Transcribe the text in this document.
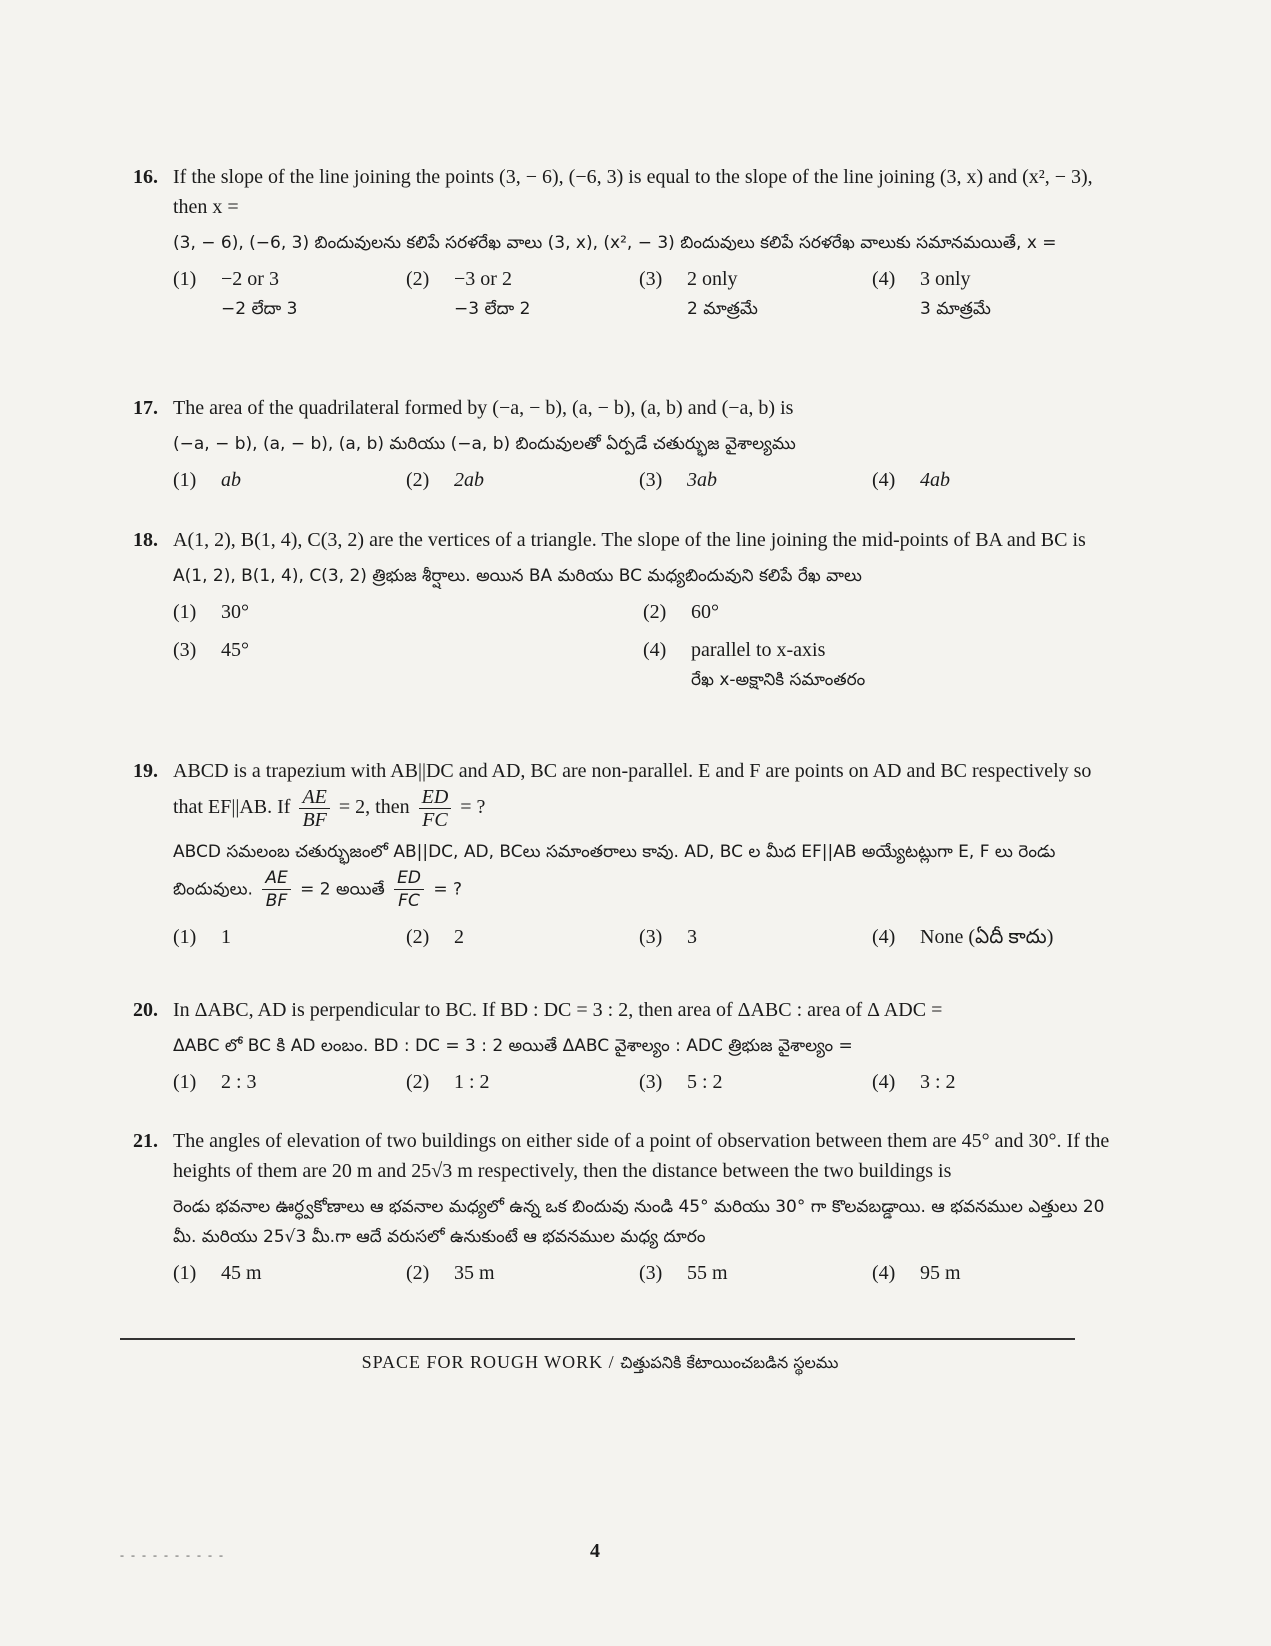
16. If the slope of the line joining the points (3, − 6), (−6, 3) is equal to the slope of the line joining (3, x) and (x², − 3), then x =

(3, − 6), (−6, 3) బిందువులను కలిపే సరళరేఖ వాలు (3, x), (x², − 3) బిందువులు కలిపే సరళరేఖ వాలుకు సమానమయితే, x =

(1)	−2 or 3
−2 లేదా 3
(2)	−3 or 2
−3 లేదా 2
(3)	2 only
2 మాత్రమే
(4)	3 only
3 మాత్రమే
17. The area of the quadrilateral formed by (−a, − b), (a, − b), (a, b) and (−a, b) is

(−a, − b), (a, − b), (a, b) మరియు (−a, b) బిందువులతో ఏర్పడే చతుర్భుజ వైశాల్యము

(1)	ab	(2)	2ab	(3)	3ab	(4)	4ab
18. A(1, 2), B(1, 4), C(3, 2) are the vertices of a triangle. The slope of the line joining the mid-points of BA and BC is

A(1, 2), B(1, 4), C(3, 2) త్రిభుజ శీర్షాలు. అయిన BA మరియు BC మధ్యబిందువుని కలిపే రేఖ వాలు

(1)	30°	(2)	60°
(3)	45°	(4)	parallel to x-axis
రేఖ x-అక్షానికి సమాంతరం
19. ABCD is a trapezium with AB||DC and AD, BC are non-parallel. E and F are points on AD and BC respectively so that EF||AB. If $\frac{AE}{BF} = 2$, then $\frac{ED}{FC}$ = ?

ABCD సమలంబ చతుర్భుజంలో AB||DC, AD, BCలు సమాంతరాలు కావు. AD, BC ల మీద EF||AB అయ్యేటట్లుగా E, F లు రెండు బిందువులు. $\frac{AE}{BF} = 2$ అయితే $\frac{ED}{FC}$ = ?

(1)	1	(2)	2	(3)	3	(4)	None (ఏదీ కాదు)
20. In ΔABC, AD is perpendicular to BC. If BD : DC = 3 : 2, then area of ΔABC : area of Δ ADC =

ΔABC లో BC కి AD లంబం. BD : DC = 3 : 2 అయితే ΔABC వైశాల్యం : ADC త్రిభుజ వైశాల్యం =

(1)	2 : 3	(2)	1 : 2	(3)	5 : 2	(4)	3 : 2
21. The angles of elevation of two buildings on either side of a point of observation between them are 45° and 30°. If the heights of them are 20 m and 25√3 m respectively, then the distance between the two buildings is

రెండు భవనాల ఊర్ధ్వకోణాలు ఆ భవనాల మధ్యలో ఉన్న ఒక బిందువు నుండి 45° మరియు 30° గా కొలవబడ్డాయి. ఆ భవనముల ఎత్తులు 20 మీ. మరియు 25√3 మీ.గా ఆదే వరుసలో ఉనుకుంటే ఆ భవనముల మధ్య దూరం

(1)	45 m	(2)	35 m	(3)	55 m	(4)	95 m
SPACE FOR ROUGH WORK / చిత్తుపనికి కేటాయించబడిన స్థలము
- - - - - - - - - -	4
